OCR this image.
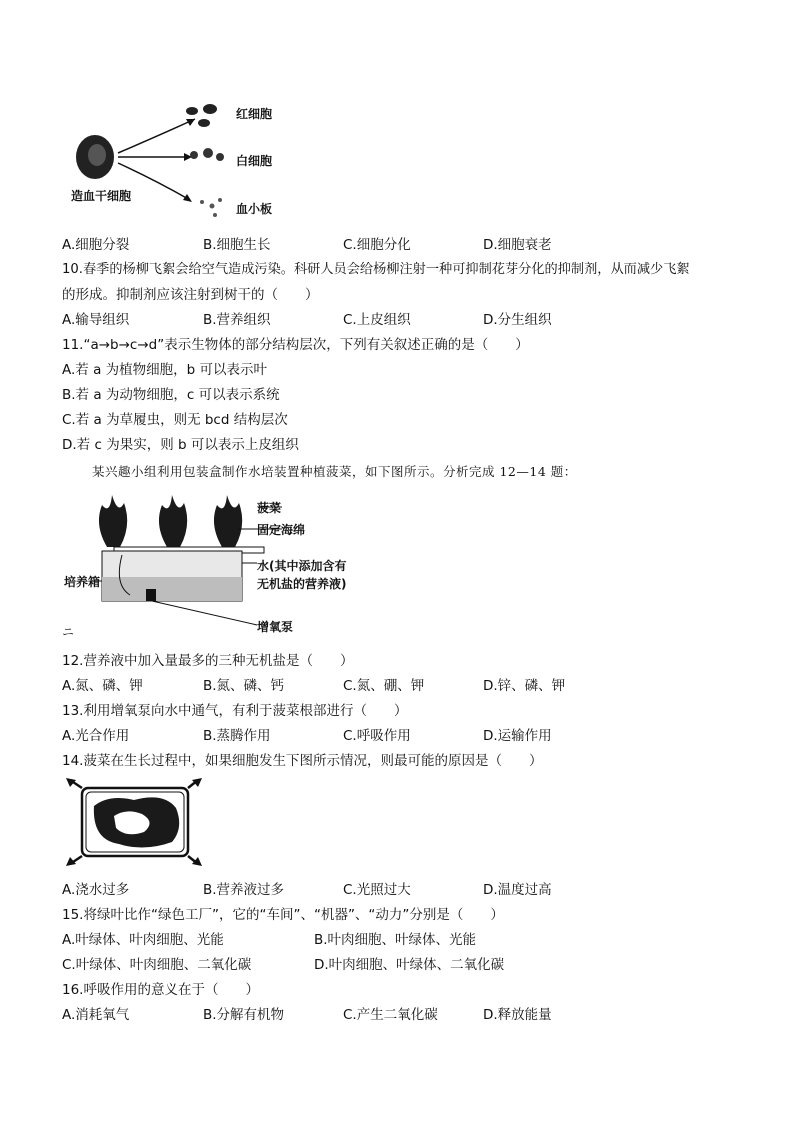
红细胞
白细胞
血小板
造血干细胞
A.细胞分裂	B.细胞生长	C.细胞分化	D.细胞衰老
10.春季的杨柳飞絮会给空气造成污染。科研人员会给杨柳注射一种可抑制花芽分化的抑制剂，从而减少飞絮
的形成。抑制剂应该注射到树干的（　　）
A.输导组织	B.营养组织	C.上皮组织	D.分生组织
11.“a→b→c→d”表示生物体的部分结构层次，下列有关叙述正确的是（　　）
A.若 a 为植物细胞，b 可以表示叶
B.若 a 为动物细胞，c 可以表示系统
C.若 a 为草履虫，则无 bcd 结构层次
D.若 c 为果实，则 b 可以表示上皮组织
某兴趣小组利用包装盒制作水培装置种植菠菜，如下图所示。分析完成 12—14 题：
菠菜
固定海绵
水(其中添加含有
无机盐的营养液)
培养箱
增氧泵
ニ
12.营养液中加入量最多的三种无机盐是（　　）
A.氮、磷、钾	B.氮、磷、钙	C.氮、硼、钾	D.锌、磷、钾
13.利用增氧泵向水中通气，有利于菠菜根部进行（　　）
A.光合作用	B.蒸腾作用	C.呼吸作用	D.运输作用
14.菠菜在生长过程中，如果细胞发生下图所示情况，则最可能的原因是（　　）
A.浇水过多	B.营养液过多	C.光照过大	D.温度过高
15.将绿叶比作“绿色工厂”，它的“车间”、“机器”、“动力”分别是（　　）
A.叶绿体、叶肉细胞、光能	B.叶肉细胞、叶绿体、光能
C.叶绿体、叶肉细胞、二氧化碳	D.叶肉细胞、叶绿体、二氧化碳
16.呼吸作用的意义在于（　　）
A.消耗氧气	B.分解有机物	C.产生二氧化碳	D.释放能量
